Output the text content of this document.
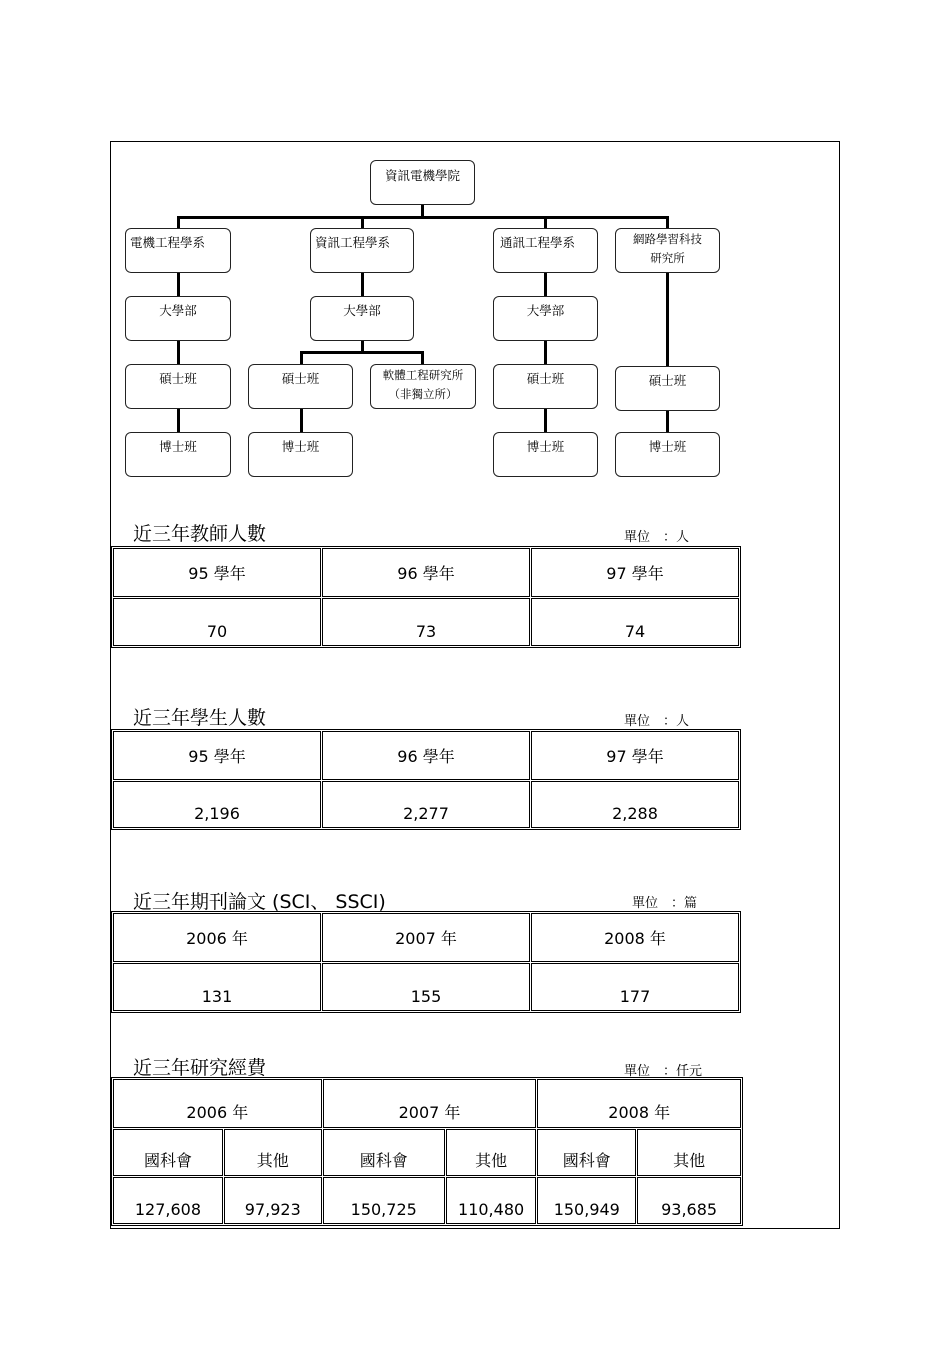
資訊電機學院
電機工程學系	資訊工程學系	通訊工程學系	網路學習科技
研究所
大學部	大學部	大學部
碩士班	碩士班	軟體工程研究所
（非獨立所）
碩士班	碩士班
博士班	博士班	博士班	博士班
近三年教師人數	單位　：人
95 學年	96 學年	97 學年
70	73	74
近三年學生人數	單位　：人
95 學年	96 學年	97 學年
2,196	2,277	2,288
近三年期刊論文 (SCI、 SSCI)	單位　：篇
2006 年	2007 年	2008 年
131	155	177
近三年研究經費	單位　：仟元
2006 年		2007 年		2008 年	
國科會	其他	國科會	其他	國科會	其他
127,608	97,923	150,725	110,480	150,949	93,685
